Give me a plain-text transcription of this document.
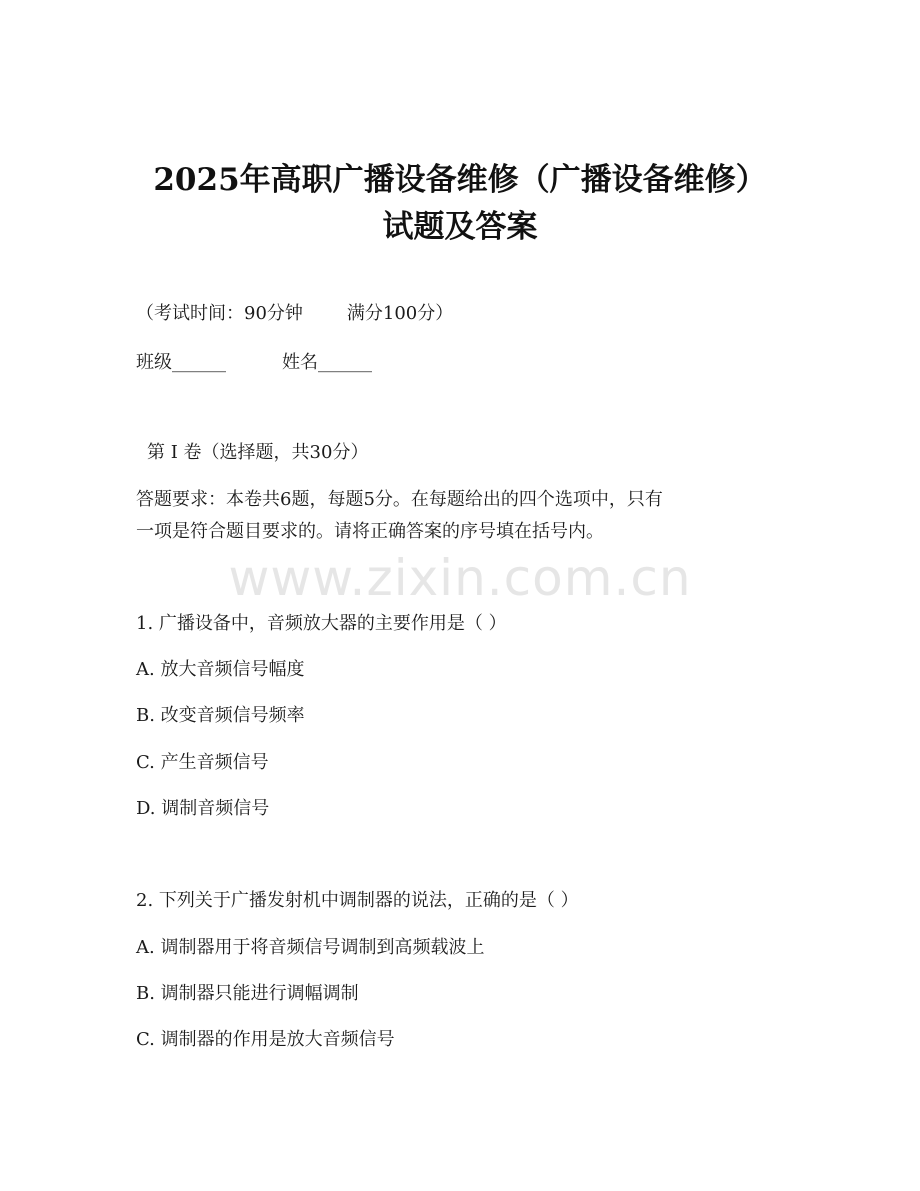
2025年高职广播设备维修（广播设备维修）
试题及答案
（考试时间：90分钟 满分100分）
班级______	姓名______
第 I 卷（选择题，共30分）
答题要求：本卷共6题，每题5分。在每题给出的四个选项中，只有
一项是符合题目要求的。请将正确答案的序号填在括号内。
www.zixin.com.cn
1. 广播设备中，音频放大器的主要作用是（ ）
A. 放大音频信号幅度
B. 改变音频信号频率
C. 产生音频信号
D. 调制音频信号
2. 下列关于广播发射机中调制器的说法，正确的是（ ）
A. 调制器用于将音频信号调制到高频载波上
B. 调制器只能进行调幅调制
C. 调制器的作用是放大音频信号
